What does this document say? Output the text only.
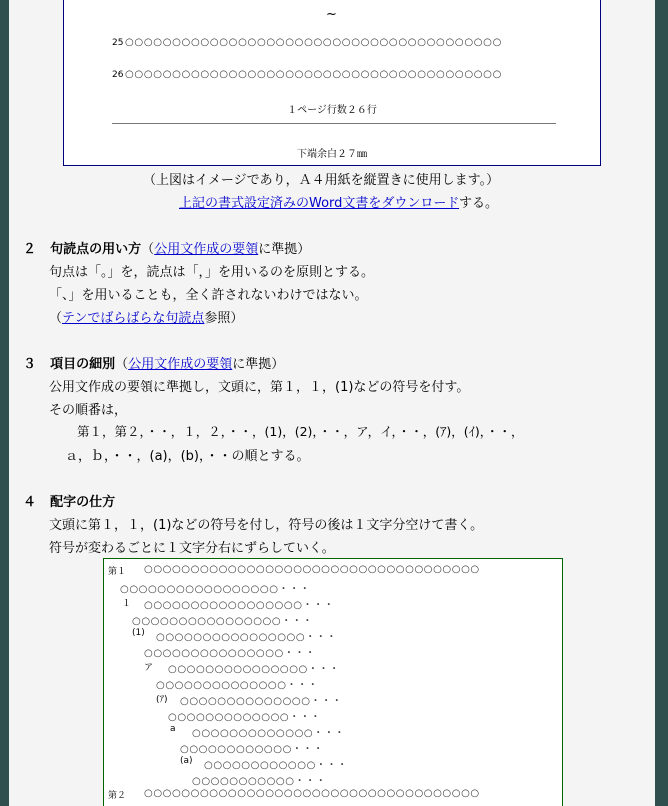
~
25 ○○○○○○○○○○○○○○○○○○○○○○○○○○○○○○○○○○○○○○○○
26 ○○○○○○○○○○○○○○○○○○○○○○○○○○○○○○○○○○○○○○○○
１ページ行数２６行
下端余白２７㎜
（上図はイメージであり，Ａ４用紙を縦置きに使用します。）
上記の書式設定済みのWord文書をダウンロードする。
２ 句読点の用い方（公用文作成の要領に準拠）
句点は「。」を，読点は「，」を用いるのを原則とする。
「、」を用いることも，全く許されないわけではない。
（テンでばらばらな句読点参照）
３ 項目の細別（公用文作成の要領に準拠）
公用文作成の要領に準拠し，文頭に，第１，１，(1)などの符号を付す。
その順番は，
第１，第２，・・，１，２，・・，(1)，(2)，・・，ア，イ，・・，(ｱ)，(ｲ)，・・，
ａ，ｂ，・・，(a)，(b)，・・の順とする。
４ 配字の仕方
文頭に第１，１，(1)などの符号を付し，符号の後は１文字分空けて書く。
符号が変わるごとに１文字分右にずらしていく。
第１	○○○○○○○○○○○○○○○○○○○○○○○○○○○○○○○○○○○○
○○○○○○○○○○○○○○○○○・・・
１	○○○○○○○○○○○○○○○○○・・・
○○○○○○○○○○○○○○○○・・・
(1)	○○○○○○○○○○○○○○○○・・・
○○○○○○○○○○○○○○○・・・
ア	○○○○○○○○○○○○○○○・・・
○○○○○○○○○○○○○○・・・
(ｱ)	○○○○○○○○○○○○○○・・・
○○○○○○○○○○○○○・・・
a	○○○○○○○○○○○○○・・・
○○○○○○○○○○○○・・・
(a)	○○○○○○○○○○○○・・・
○○○○○○○○○○○・・・
第２	○○○○○○○○○○○○○○○○○○○○○○○○○○○○○○○○○○○○
